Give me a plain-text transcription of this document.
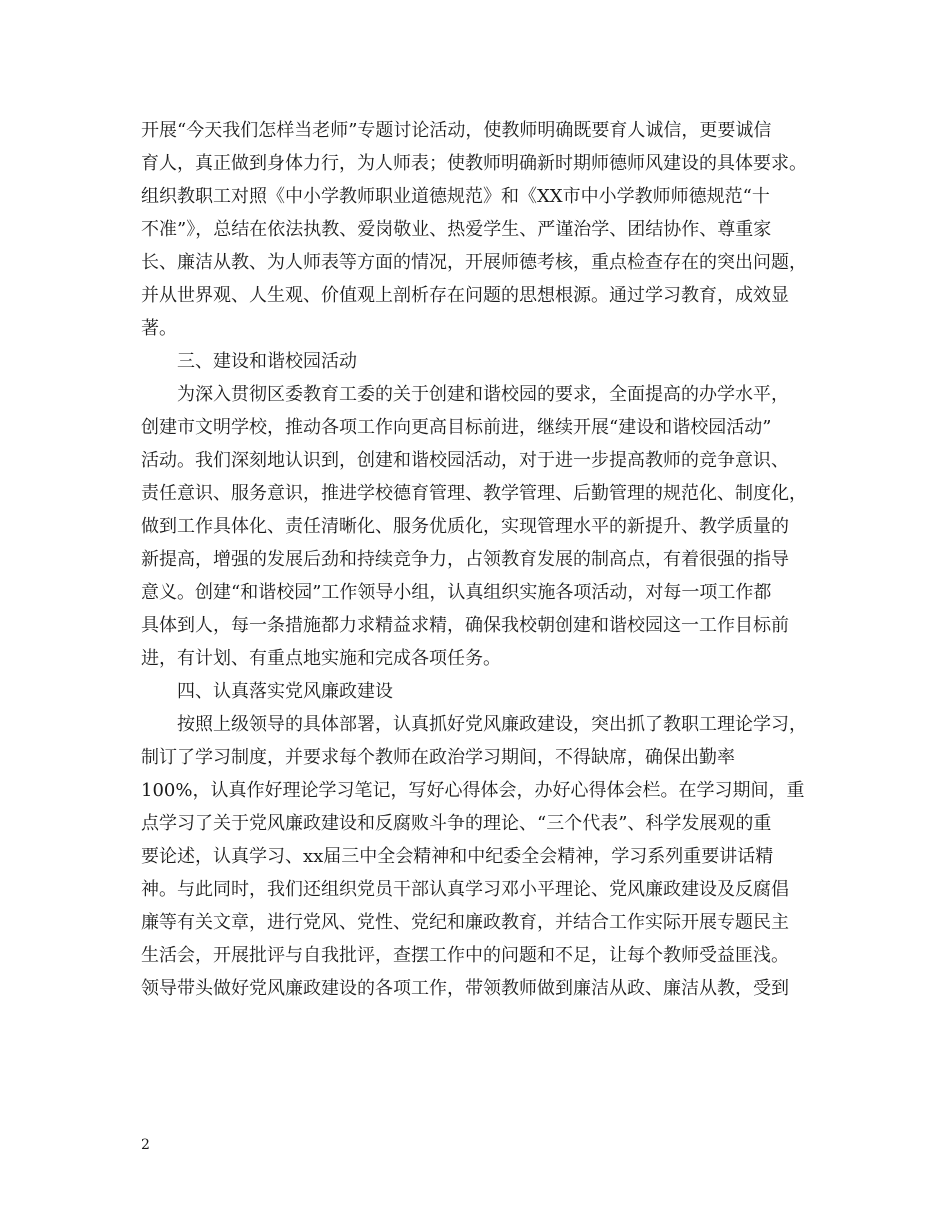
开展“今天我们怎样当老师”专题讨论活动，使教师明确既要育人诚信，更要诚信
育人，真正做到身体力行，为人师表；使教师明确新时期师德师风建设的具体要求。
组织教职工对照《中小学教师职业道德规范》和《XX市中小学教师师德规范“十
不准”》，总结在依法执教、爱岗敬业、热爱学生、严谨治学、团结协作、尊重家
长、廉洁从教、为人师表等方面的情况，开展师德考核，重点检查存在的突出问题，
并从世界观、人生观、价值观上剖析存在问题的思想根源。通过学习教育，成效显
著。
三、建设和谐校园活动
为深入贯彻区委教育工委的关于创建和谐校园的要求，全面提高的办学水平，
创建市文明学校，推动各项工作向更高目标前进，继续开展“建设和谐校园活动”
活动。我们深刻地认识到，创建和谐校园活动，对于进一步提高教师的竞争意识、
责任意识、服务意识，推进学校德育管理、教学管理、后勤管理的规范化、制度化，
做到工作具体化、责任清晰化、服务优质化，实现管理水平的新提升、教学质量的
新提高，增强的发展后劲和持续竞争力，占领教育发展的制高点，有着很强的指导
意义。创建“和谐校园”工作领导小组，认真组织实施各项活动，对每一项工作都
具体到人，每一条措施都力求精益求精，确保我校朝创建和谐校园这一工作目标前
进，有计划、有重点地实施和完成各项任务。
四、认真落实党风廉政建设
按照上级领导的具体部署，认真抓好党风廉政建设，突出抓了教职工理论学习，
制订了学习制度，并要求每个教师在政治学习期间，不得缺席，确保出勤率
100%，认真作好理论学习笔记，写好心得体会，办好心得体会栏。在学习期间，重
点学习了关于党风廉政建设和反腐败斗争的理论、“三个代表”、科学发展观的重
要论述，认真学习、xx届三中全会精神和中纪委全会精神，学习系列重要讲话精
神。与此同时，我们还组织党员干部认真学习邓小平理论、党风廉政建设及反腐倡
廉等有关文章，进行党风、党性、党纪和廉政教育，并结合工作实际开展专题民主
生活会，开展批评与自我批评，查摆工作中的问题和不足，让每个教师受益匪浅。
领导带头做好党风廉政建设的各项工作，带领教师做到廉洁从政、廉洁从教，受到
2
